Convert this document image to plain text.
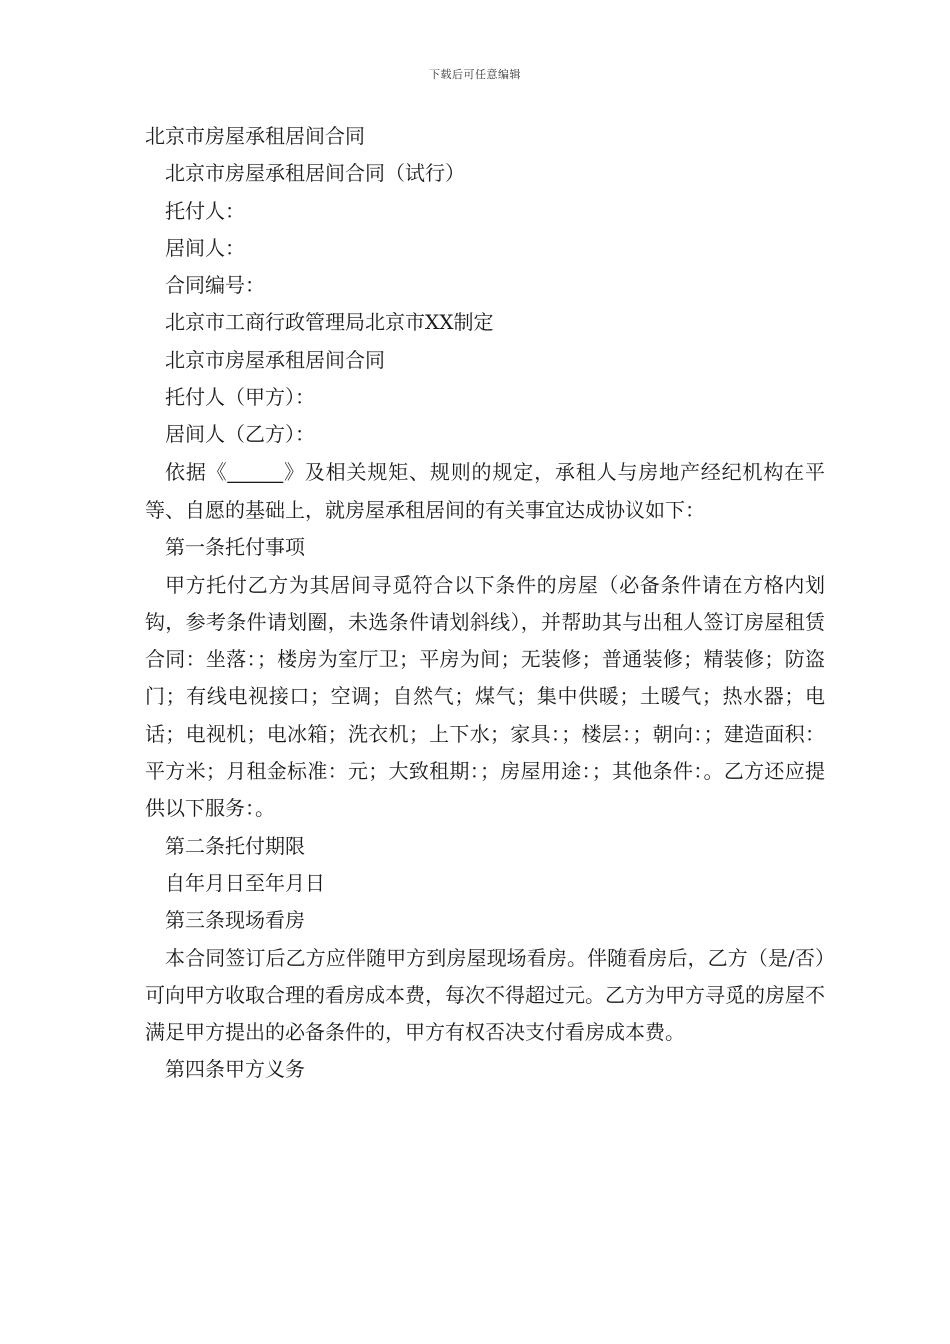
下载后可任意编辑
北京市房屋承租居间合同
北京市房屋承租居间合同（试行）
托付人：
居间人：
合同编号：
北京市工商行政管理局北京市XX制定
北京市房屋承租居间合同
托付人（甲方）：
居间人（乙方）：

依据《_____》及相关规矩、规则的规定，承租人与房地产经纪机构在平等、自愿的基础上，就房屋承租居间的有关事宜达成协议如下：

第一条托付事项

甲方托付乙方为其居间寻觅符合以下条件的房屋（必备条件请在方格内划钩，参考条件请划圈，未选条件请划斜线），并帮助其与出租人签订房屋租赁合同：坐落：；楼房为室厅卫；平房为间；无装修；普通装修；精装修；防盗门；有线电视接口；空调；自然气；煤气；集中供暖；土暖气；热水器；电话；电视机；电冰箱；洗衣机；上下水；家具：；楼层：；朝向：；建造面积：平方米；月租金标准：元；大致租期：；房屋用途：；其他条件：。乙方还应提供以下服务：。

第二条托付期限
自年月日至年月日
第三条现场看房

本合同签订后乙方应伴随甲方到房屋现场看房。伴随看房后，乙方（是/否）可向甲方收取合理的看房成本费，每次不得超过元。乙方为甲方寻觅的房屋不满足甲方提出的必备条件的，甲方有权否决支付看房成本费。

第四条甲方义务
